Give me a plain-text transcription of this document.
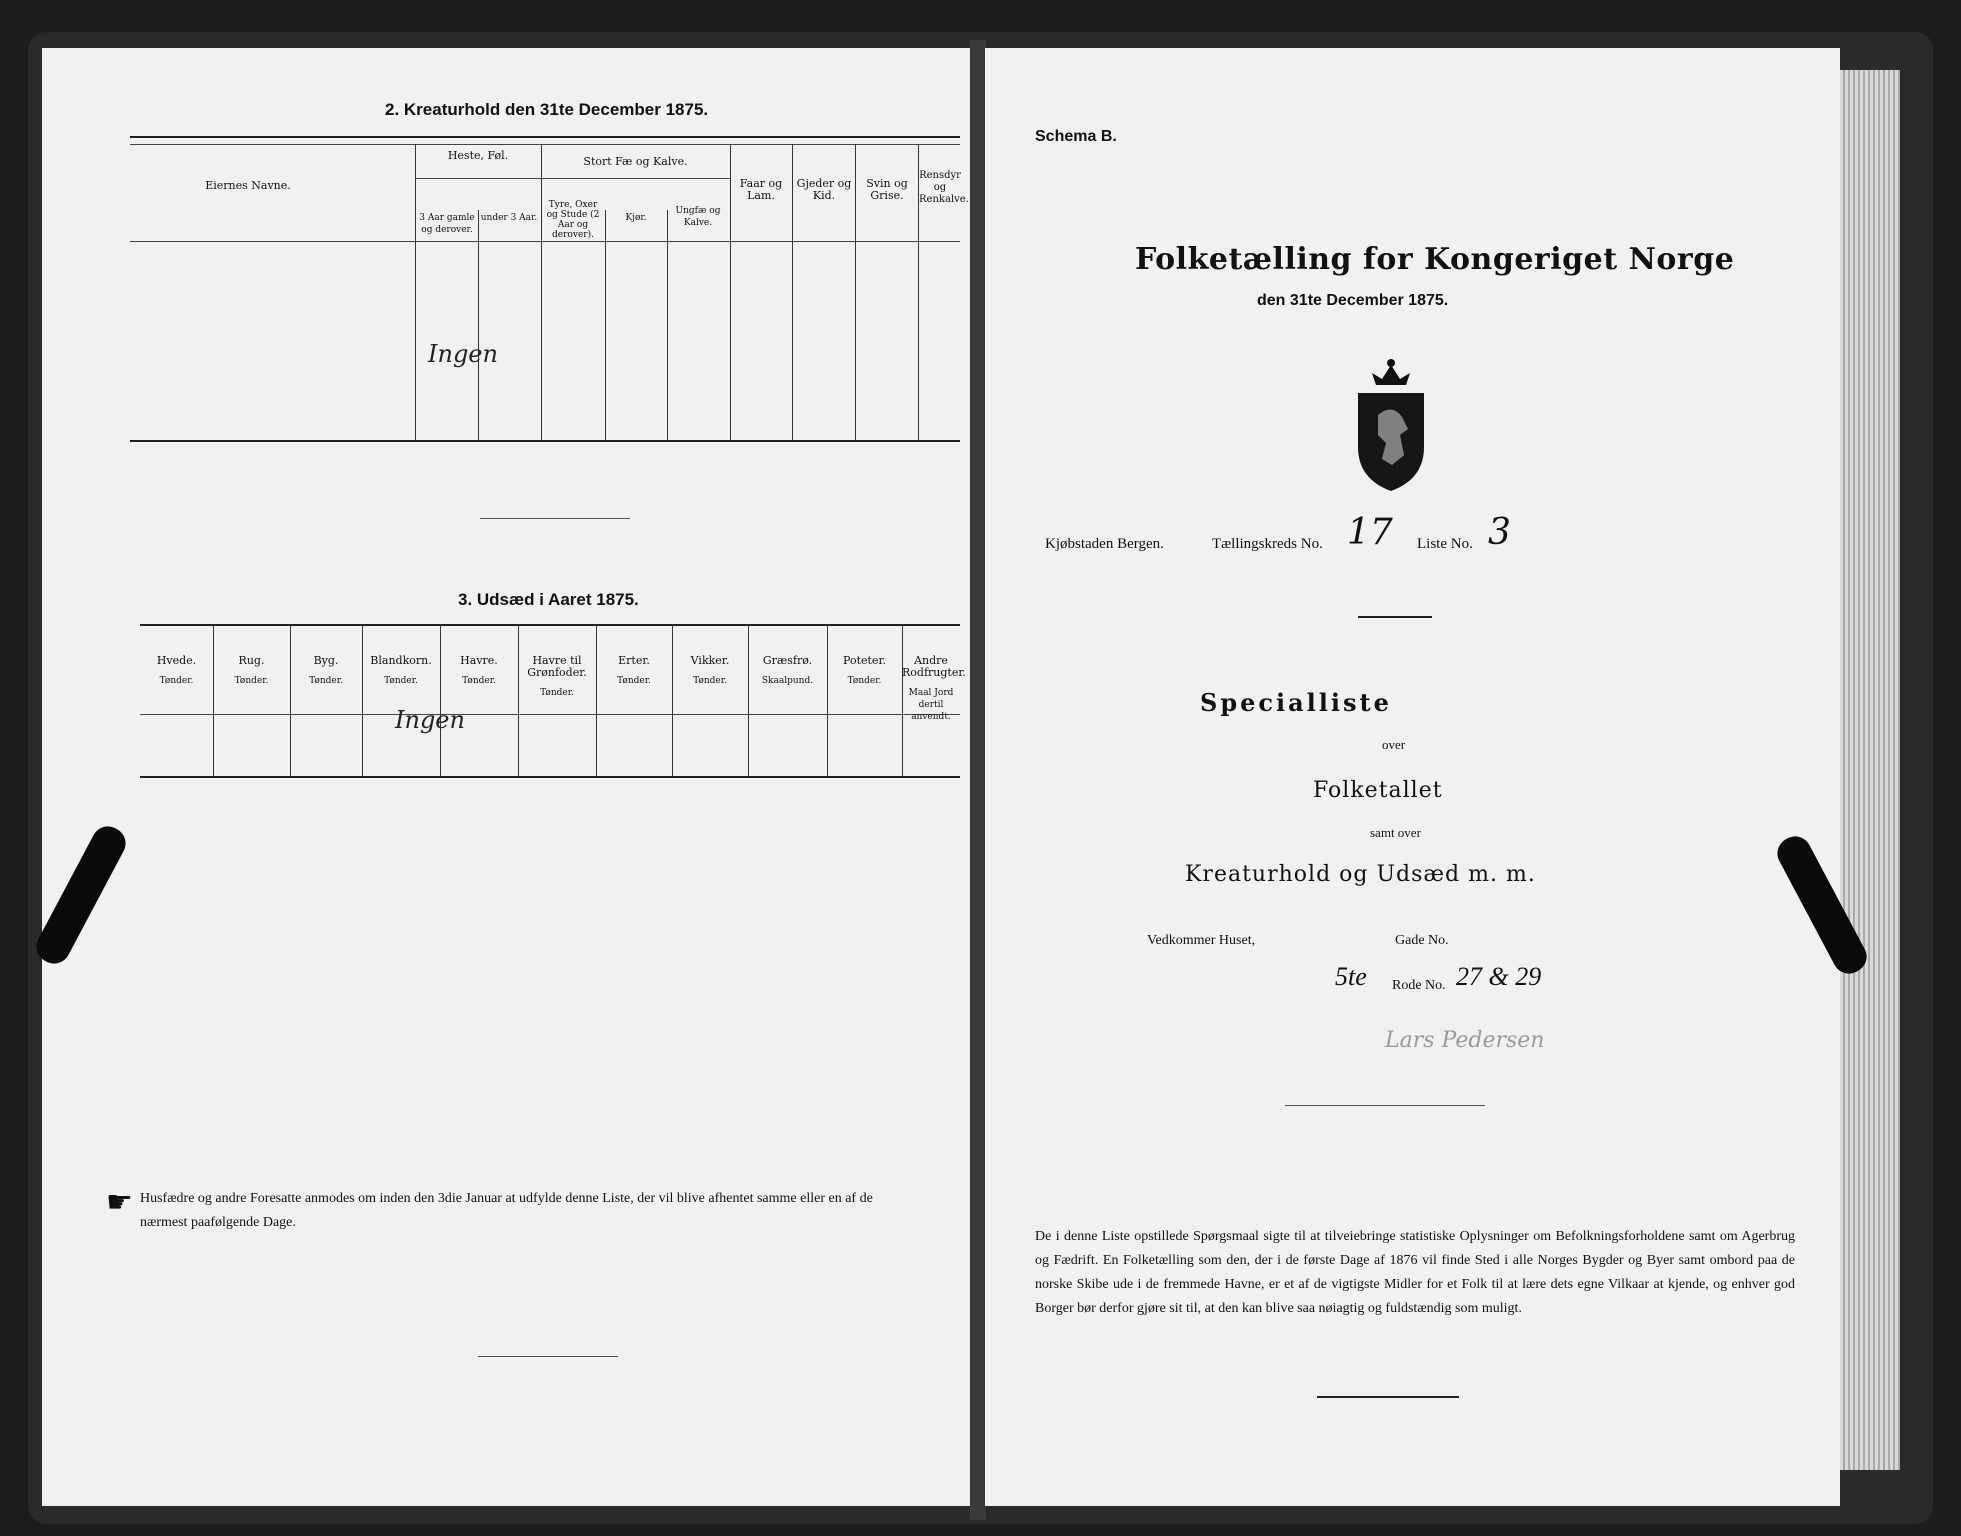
2. Kreaturhold den 31te December 1875.
Eiernes Navne.
Heste, Føl.
3 Aar gamle og derover.
under 3 Aar.
Stort Fæ og Kalve.
Tyre, Oxer og Stude (2 Aar og derover).
Kjør.
Ungfæ og Kalve.
Faar og Lam.
Gjeder og Kid.
Svin og Grise.
Rensdyr og Renkalve.
Ingen
3. Udsæd i Aaret 1875.
Hvede.
Tønder.
Rug.
Tønder.
Byg.
Tønder.
Blandkorn.
Tønder.
Havre.
Tønder.
Havre til Grønfoder.
Tønder.
Erter.
Tønder.
Vikker.
Tønder.
Græsfrø.
Skaalpund.
Poteter.
Tønder.
Andre Rodfrugter.
Maal Jord dertil anvendt.
Ingen
☛ Husfædre og andre Foresatte anmodes om inden den 3die Januar at udfylde denne Liste, der vil blive afhentet samme eller en af de nærmest paafølgende Dage.
Schema B.
Folketælling for Kongeriget Norge
den 31te December 1875.
Kjøbstaden Bergen.	Tællingskreds No. 17 Liste No. 3
Specialliste
over
Folketallet
samt over
Kreaturhold og Udsæd m. m.
Vedkommer Huset,	Gade No.
5te Rode No. 27 & 29
Lars Pedersen
De i denne Liste opstillede Spørgsmaal sigte til at tilveiebringe statistiske Oplysninger om Befolkningsforholdene samt om Agerbrug og Fædrift. En Folketælling som den, der i de første Dage af 1876 vil finde Sted i alle Norges Bygder og Byer samt ombord paa de norske Skibe ude i de fremmede Havne, er et af de vigtigste Midler for et Folk til at lære dets egne Vilkaar at kjende, og enhver god Borger bør derfor gjøre sit til, at den kan blive saa nøiagtig og fuldstændig som muligt.
